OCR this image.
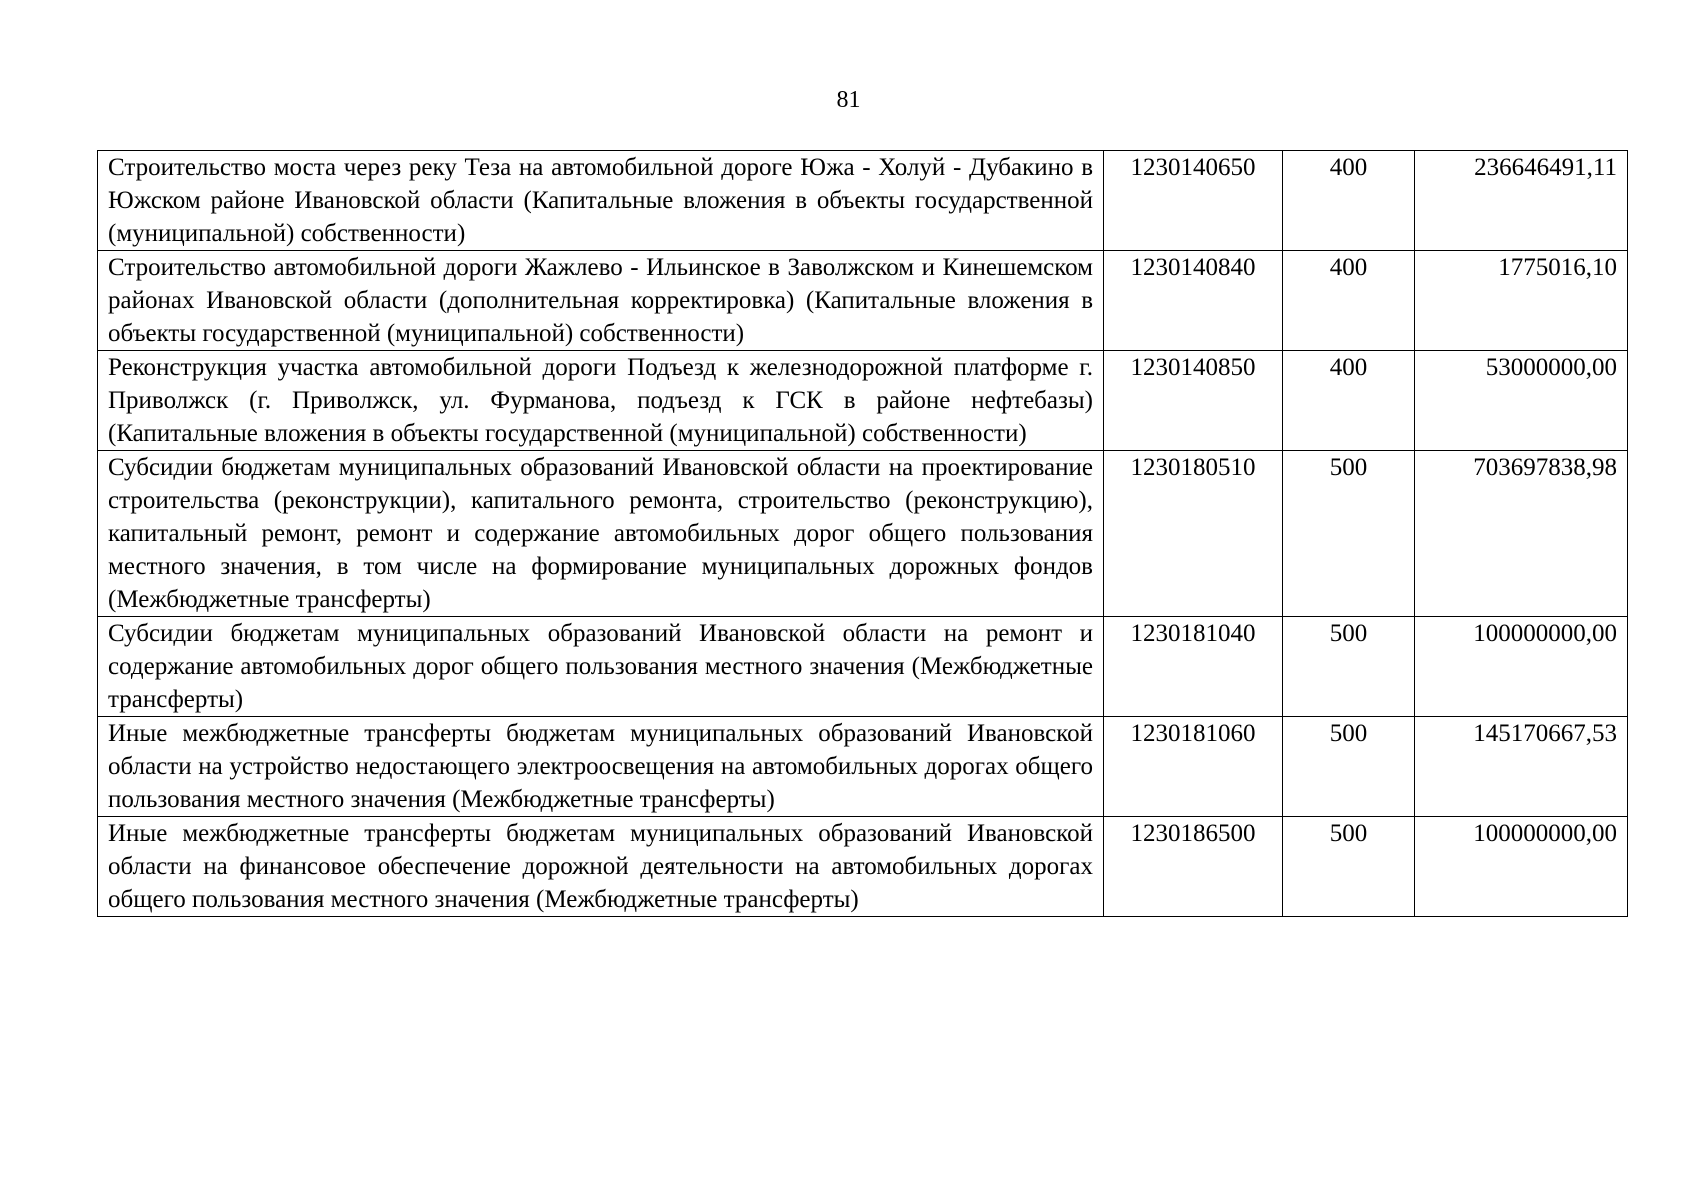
81
Строительство моста через реку Теза на автомобильной дороге Южа - Холуй - Дубакино в Южском районе Ивановской области (Капитальные вложения в объекты государственной (муниципальной) собственности)	1230140650	400	236646491,11
Строительство автомобильной дороги Жажлево - Ильинское в Заволжском и Кинешемском районах Ивановской области (дополнительная корректировка) (Капитальные вложения в объекты государственной (муниципальной) собственности)	1230140840	400	1775016,10
Реконструкция участка автомобильной дороги Подъезд к железнодорожной платформе г. Приволжск (г. Приволжск, ул. Фурманова, подъезд к ГСК в районе нефтебазы) (Капитальные вложения в объекты государственной (муниципальной) собственности)	1230140850	400	53000000,00
Субсидии бюджетам муниципальных образований Ивановской области на проектирование строительства (реконструкции), капитального ремонта, строительство (реконструкцию), капитальный ремонт, ремонт и содержание автомобильных дорог общего пользования местного значения, в том числе на формирование муниципальных дорожных фондов (Межбюджетные трансферты)	1230180510	500	703697838,98
Субсидии бюджетам муниципальных образований Ивановской области на ремонт и содержание автомобильных дорог общего пользования местного значения (Межбюджетные трансферты)	1230181040	500	100000000,00
Иные межбюджетные трансферты бюджетам муниципальных образований Ивановской области на устройство недостающего электроосвещения на автомобильных дорогах общего пользования местного значения (Межбюджетные трансферты)	1230181060	500	145170667,53
Иные межбюджетные трансферты бюджетам муниципальных образований Ивановской области на финансовое обеспечение дорожной деятельности на автомобильных дорогах общего пользования местного значения (Межбюджетные трансферты)	1230186500	500	100000000,00
